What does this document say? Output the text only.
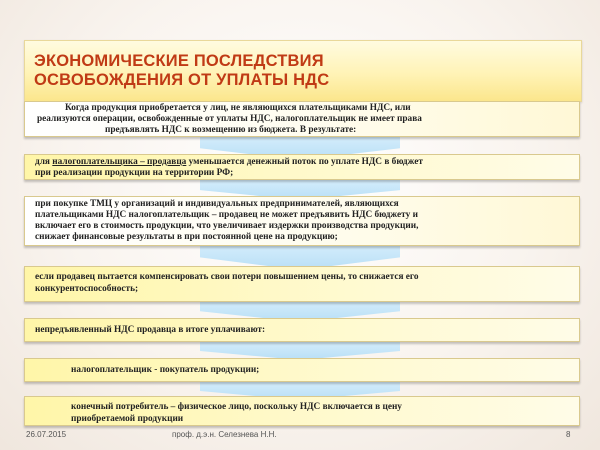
ЭКОНОМИЧЕСКИЕ ПОСЛЕДСТВИЯ
ОСВОБОЖДЕНИЯ ОТ УПЛАТЫ НДС
Когда продукция приобретается у лиц, не являющихся плательщиками НДС, или
реализуются операции, освобожденные от уплаты НДС, налогоплательщик не имеет права
предъявлять НДС к возмещению из бюджета. В результате:
для налогоплательщика – продавца уменьшается денежный поток по уплате НДС в бюджет
при реализации продукции на территории РФ;
при покупке ТМЦ у организаций и индивидуальных предпринимателей, являющихся
плательщиками НДС налогоплательщик – продавец не может предъявить НДС бюджету и
включает его в стоимость продукции, что увеличивает издержки производства продукции,
снижает финансовые результаты в при постоянной цене на продукцию;
если продавец пытается компенсировать свои потери повышением цены, то снижается его
конкурентоспособность;
непредъявленный НДС продавца в итоге уплачивают:
налогоплательщик - покупатель продукции;
конечный потребитель – физическое лицо, поскольку НДС включается в цену
приобретаемой продукции
26.07.2015	проф. д.э.н. Селезнева Н.Н.	8
